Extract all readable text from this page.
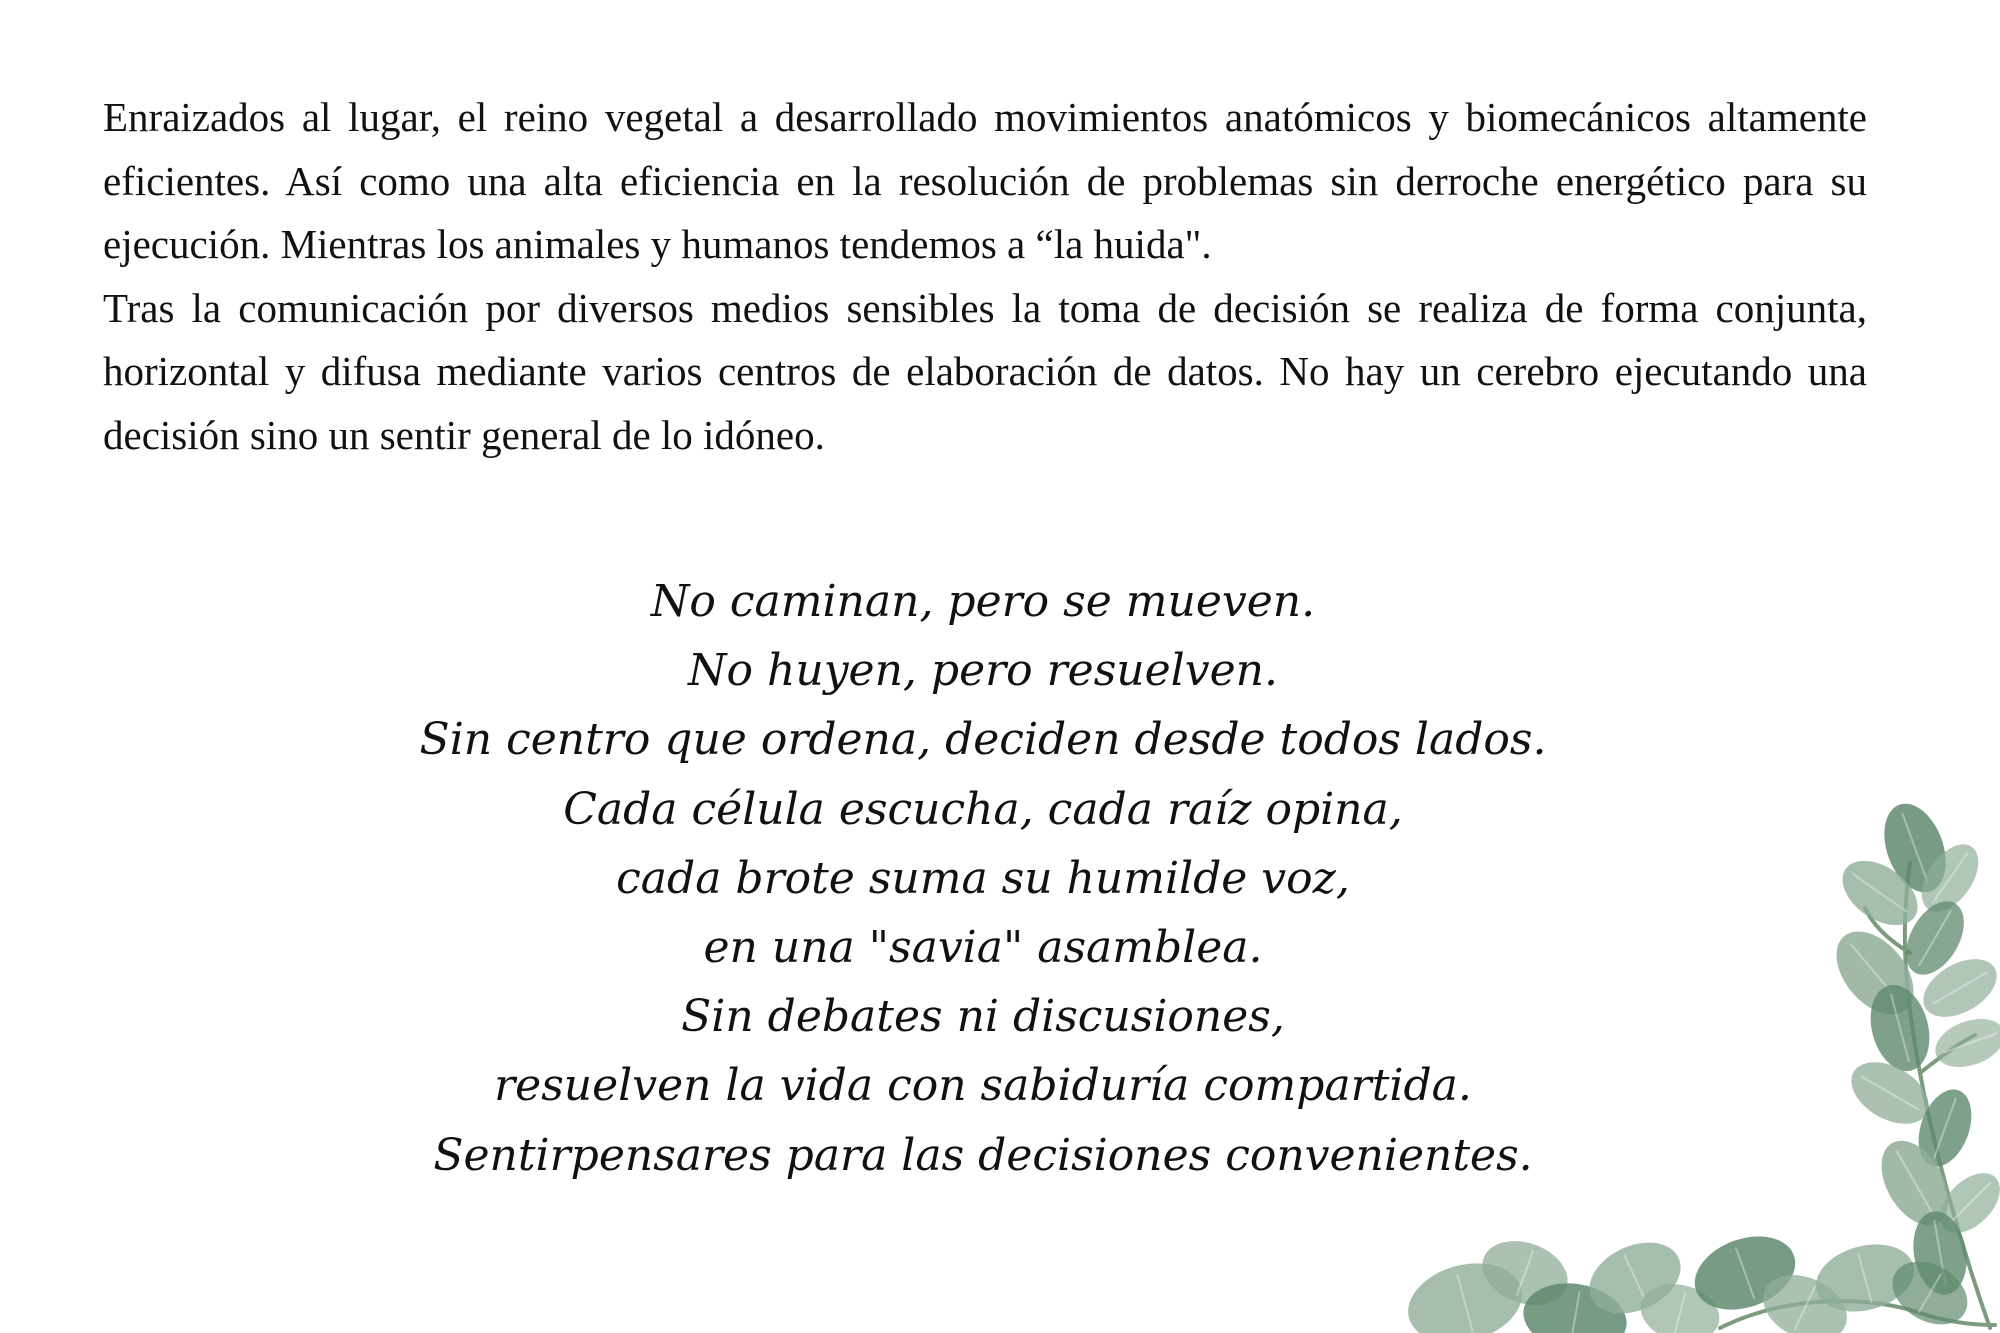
Enraizados al lugar, el reino vegetal a desarrollado movimientos anatómicos y biomecánicos altamente eficientes. Así como una alta eficiencia en la resolución de problemas sin derroche energético para su ejecución. Mientras los animales y humanos tendemos a “la huida".

Tras la comunicación por diversos medios sensibles la toma de decisión se realiza de forma conjunta, horizontal y difusa mediante varios centros de elaboración de datos. No hay un cerebro ejecutando una decisión sino un sentir general de lo idóneo.

No caminan, pero se mueven.
No huyen, pero resuelven.
Sin centro que ordena, deciden desde todos lados.
Cada célula escucha, cada raíz opina,
cada brote suma su humilde voz,
en una "savia" asamblea.
Sin debates ni discusiones,
resuelven la vida con sabiduría compartida.
Sentirpensares para las decisiones convenientes.
